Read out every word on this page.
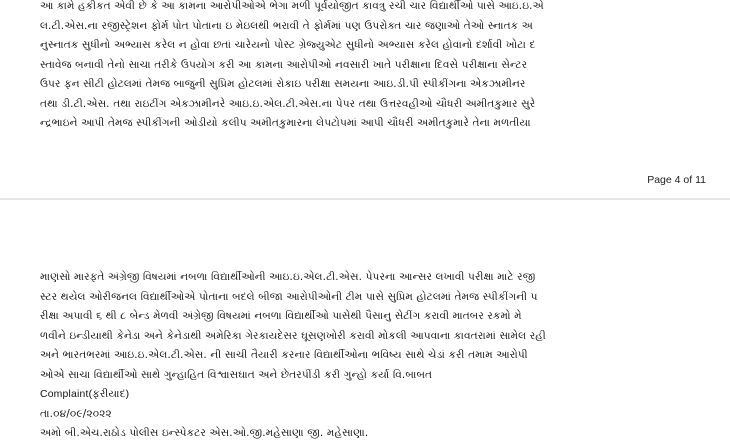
આ કામે હકીકત એવી છે કે આ કામના આરોપીઓએ ભેગા મળી પૂર્વયોજીત કાવત્રુ રચી ચાર વિદ્યાર્થીઓ પાસે આઇ.ઇ.એ
લ.ટી.એસ.ના રજીસ્ટ્રેશન ફોર્મ પોત પોતાના ઇ મેઇલથી ભરાવી તે ફોર્મમાં પણ ઉપરોક્ત ચાર જણાઓ તેઓ સ્નાતક અ
નુસ્નાતક સુધીનો અભ્યાસ કરેલ ન હોવા છતાં ચારેયનો પોસ્ટ ગ્રેજ્યુએટ સુધીનો અભ્યાસ કરેલ હોવાનો દર્શાવી ખોટા દ
સ્તાવેજ બનાવી તેનો સાચા તરીકે ઉપયોગ કરી આ કામના આરોપીઓ નવસારી ખાતે પરીક્ષાના દિવસે પરીક્ષાના સેન્ટર
ઉપર ફન સીટી હોટલમાં તેમજ બાજુની સુપ્રિમ હોટલમાં રોકાઇ પરીક્ષા સમયના આઇ.ડી.પી સ્પીકીંગના એકઝામીનર
તથા ડી.ટી.એસ. તથા રાઇટીંગ એકઝામીનરે આઇ.ઇ.એલ.ટી.એસ.ના પેપર તથા ઉત્તરવહીઓ ચૌધરી અમીતકુમાર સુરે
ન્દ્રભાઇને આપી તેમજ સ્પીકીંગની ઓડીયો કલીપ અમીતકુમારના લેપટોપમાં આપી ચૌધરી અમીતકુમારે તેના મળતીયા
Page 4 of 11
માણસો મારફતે અંગ્રેજી વિષયમાં નબળા વિદ્યાર્થીઓની આઇ.ઇ.એલ.ટી.એસ. પેપરના આન્સર લખાવી પરીક્ષા માટે રજી
સ્ટર થયેલ ઓરીજનલ વિદ્યાર્થીઓએ પોતાના બદલે બીજા આરોપીઓની ટીમ પાસે સુપ્રિમ હોટલમાં તેમજ સ્પીકીંગની પ
રીક્ષા અપાવી ૬ થી ૮ બેન્ડ મેળવી અંગ્રેજી વિષયમાં નબળા વિદ્યાર્થીઓ પાસેથી પૈસાનુ સેટીંગ કરાવી માતબર રકમો મે
ળવીને ઇન્ડીયાથી કેનેડા અને કેનેડાથી અમેરિકા ગેરકાયદેસર ઘૂસણખોરી કરાવી મોકલી આપવાના કાવતરામાં સામેલ રહી
અને ભારતભરમાં આઇ.ઇ.એલ.ટી.એસ. ની સાચી તૈયારી કરનાર વિદ્યાર્થીઓના ભવિષ્ય સાથે ચેડાં કરી તમામ આરોપી
ઓએ સાચા વિદ્યાર્થીઓ સાથે ગુન્હાહિત વિશ્વાસઘાત અને છેતરપીંડી કરી ગુન્હો કર્યા વિ.બાબત
Complaint(ફરીયાદ)
તા.૦૪/૦૯/૨૦૨૨
અમો બી.એચ.રાઠોડ પોલીસ ઇન્સ્પેકટર એસ.ઓ.જી.મહેસાણા જી. મહેસાણા.
